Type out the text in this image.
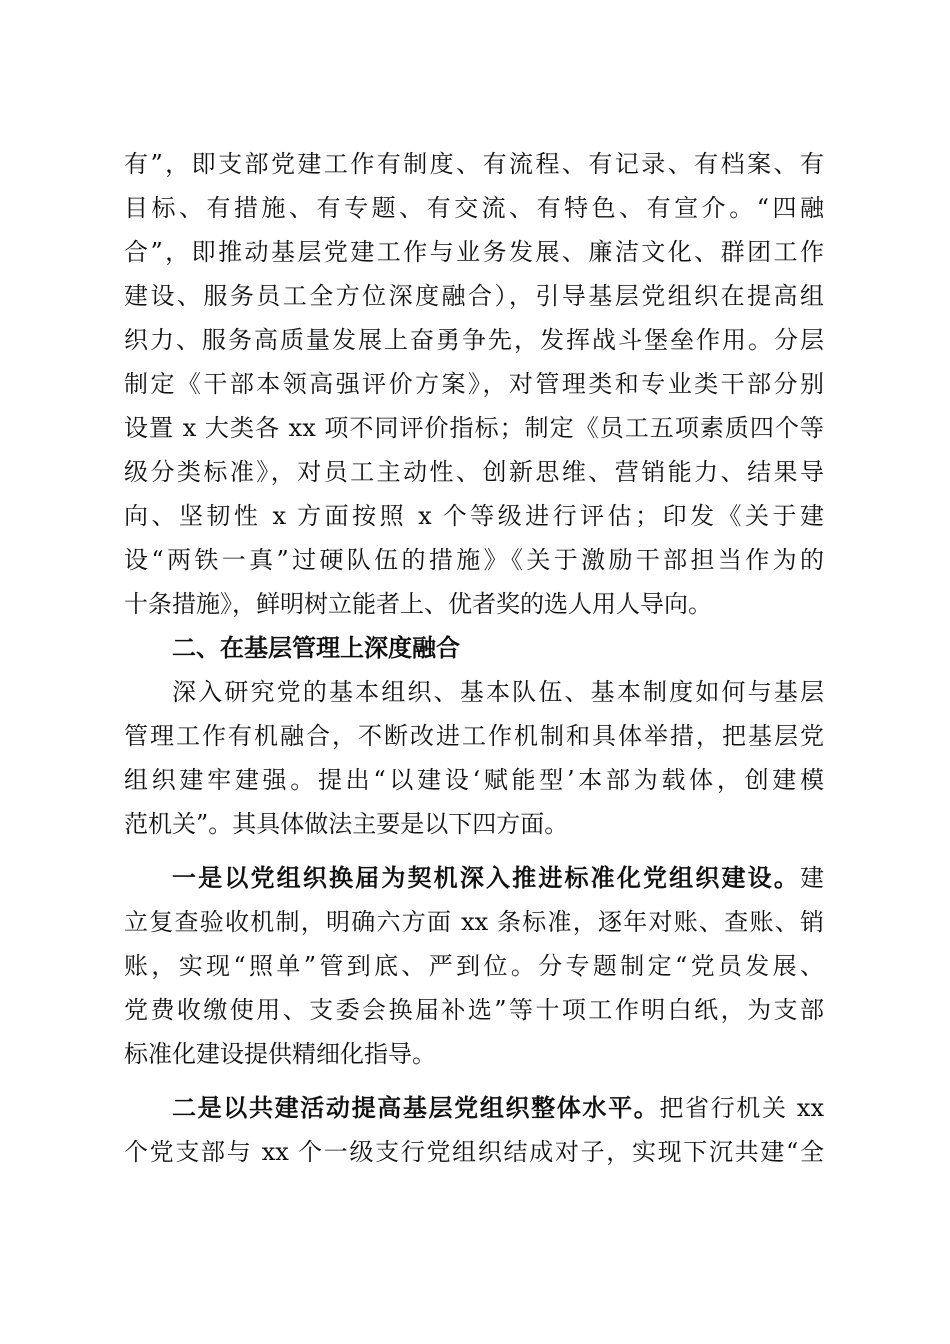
有”，即支部党建工作有制度、有流程、有记录、有档案、有
目标、有措施、有专题、有交流、有特色、有宣介。“四融
合”，即推动基层党建工作与业务发展、廉洁文化、群团工作
建设、服务员工全方位深度融合），引导基层党组织在提高组
织力、服务高质量发展上奋勇争先，发挥战斗堡垒作用。分层
制定《干部本领高强评价方案》，对管理类和专业类干部分别
设置 x 大类各 xx 项不同评价指标；制定《员工五项素质四个等
级分类标准》，对员工主动性、创新思维、营销能力、结果导
向、坚韧性 x 方面按照 x 个等级进行评估；印发《关于建
设“两铁一真”过硬队伍的措施》《关于激励干部担当作为的
十条措施》，鲜明树立能者上、优者奖的选人用人导向。
二、在基层管理上深度融合
深入研究党的基本组织、基本队伍、基本制度如何与基层
管理工作有机融合，不断改进工作机制和具体举措，把基层党
组织建牢建强。提出“以建设‘赋能型’本部为载体，创建模
范机关”。其具体做法主要是以下四方面。
一是以党组织换届为契机深入推进标准化党组织建设。建
立复查验收机制，明确六方面 xx 条标准，逐年对账、查账、销
账，实现“照单”管到底、严到位。分专题制定“党员发展、
党费收缴使用、支委会换届补选”等十项工作明白纸，为支部
标准化建设提供精细化指导。
二是以共建活动提高基层党组织整体水平。把省行机关 xx
个党支部与 xx 个一级支行党组织结成对子，实现下沉共建“全
